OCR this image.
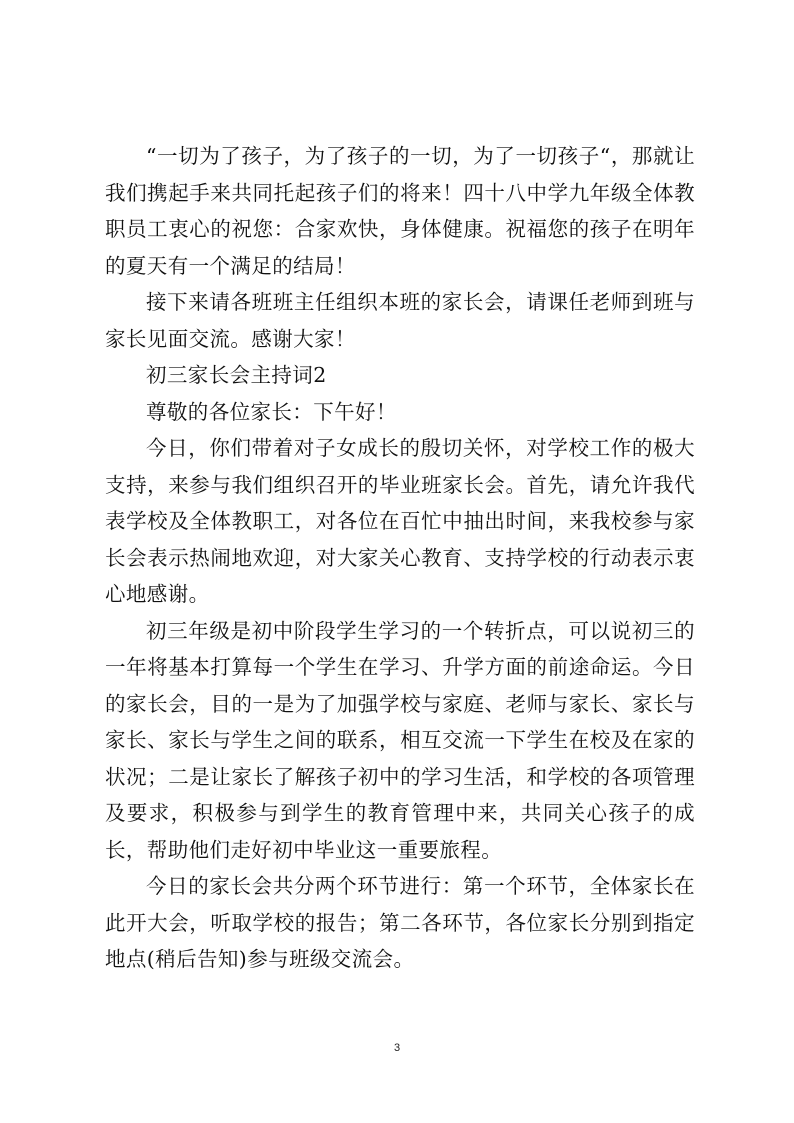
“一切为了孩子，为了孩子的一切，为了一切孩子“，那就让我们携起手来共同托起孩子们的将来！四十八中学九年级全体教职员工衷心的祝您：合家欢快，身体健康。祝福您的孩子在明年的夏天有一个满足的结局！

接下来请各班班主任组织本班的家长会，请课任老师到班与家长见面交流。感谢大家！

初三家长会主持词2

尊敬的各位家长：下午好！

今日，你们带着对子女成长的殷切关怀，对学校工作的极大支持，来参与我们组织召开的毕业班家长会。首先，请允许我代表学校及全体教职工，对各位在百忙中抽出时间，来我校参与家长会表示热闹地欢迎，对大家关心教育、支持学校的行动表示衷心地感谢。

初三年级是初中阶段学生学习的一个转折点，可以说初三的一年将基本打算每一个学生在学习、升学方面的前途命运。今日的家长会，目的一是为了加强学校与家庭、老师与家长、家长与家长、家长与学生之间的联系，相互交流一下学生在校及在家的状况；二是让家长了解孩子初中的学习生活，和学校的各项管理及要求，积极参与到学生的教育管理中来，共同关心孩子的成长，帮助他们走好初中毕业这一重要旅程。

今日的家长会共分两个环节进行：第一个环节，全体家长在此开大会，听取学校的报告；第二各环节，各位家长分别到指定地点(稍后告知)参与班级交流会。

3
